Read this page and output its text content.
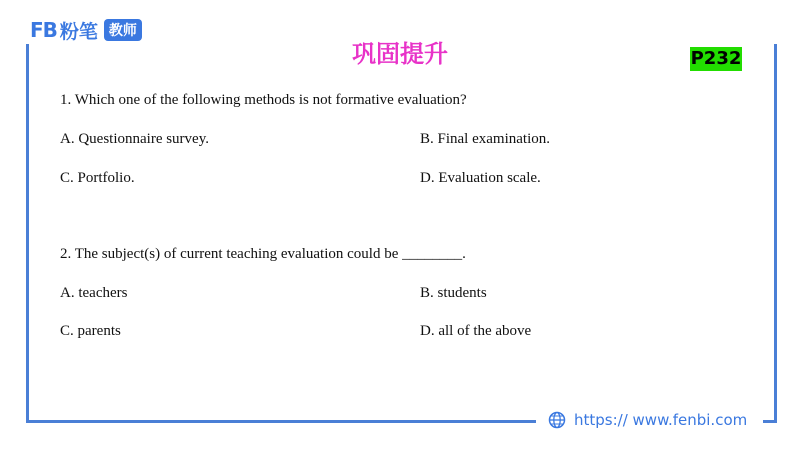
FB 粉笔 教师
巩固提升	P232
1. Which one of the following methods is not formative evaluation?
A. Questionnaire survey.	B. Final examination.
C. Portfolio.	D. Evaluation scale.
2. The subject(s) of current teaching evaluation could be ________.
A. teachers	B. students
C. parents	D. all of the above
https:// www.fenbi.com
